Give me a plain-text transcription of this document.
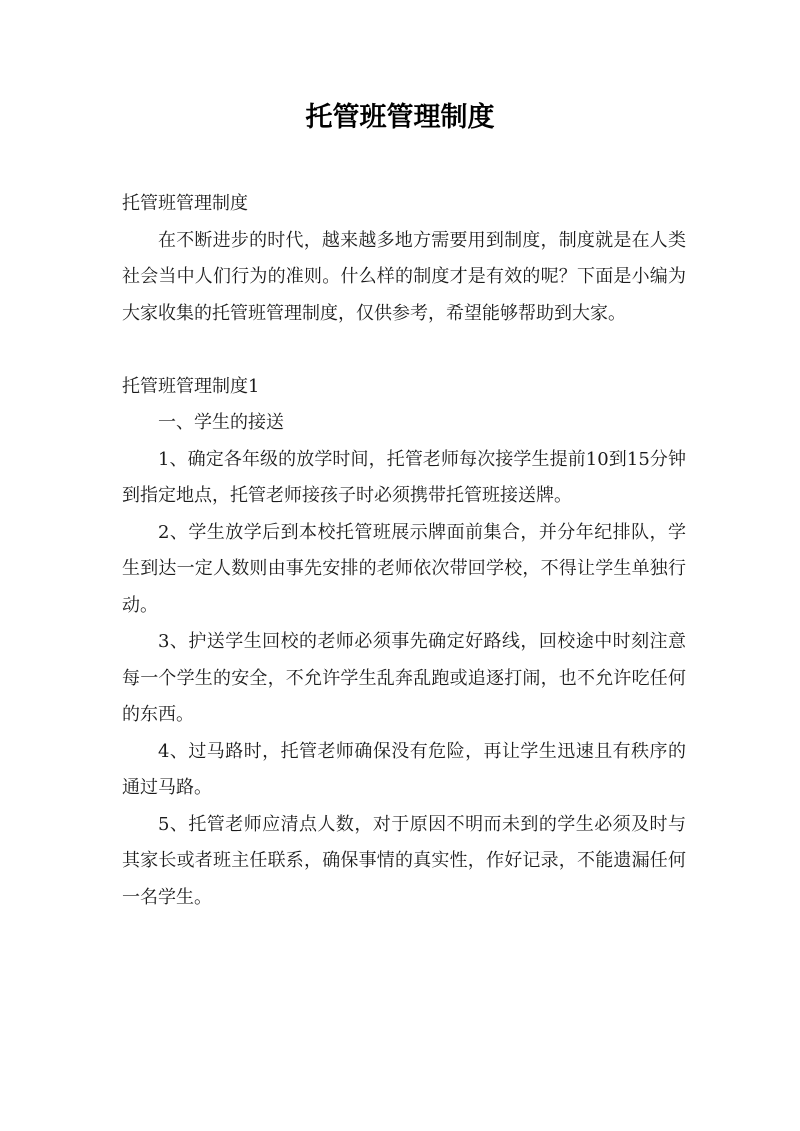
托管班管理制度

托管班管理制度

在不断进步的时代，越来越多地方需要用到制度，制度就是在人类社会当中人们行为的准则。什么样的制度才是有效的呢？下面是小编为大家收集的托管班管理制度，仅供参考，希望能够帮助到大家。

托管班管理制度1

一、学生的接送

1、确定各年级的放学时间，托管老师每次接学生提前10到15分钟到指定地点，托管老师接孩子时必须携带托管班接送牌。

2、学生放学后到本校托管班展示牌面前集合，并分年纪排队，学生到达一定人数则由事先安排的老师依次带回学校，不得让学生单独行动。

3、护送学生回校的老师必须事先确定好路线，回校途中时刻注意每一个学生的安全，不允许学生乱奔乱跑或追逐打闹，也不允许吃任何的东西。

4、过马路时，托管老师确保没有危险，再让学生迅速且有秩序的通过马路。

5、托管老师应清点人数，对于原因不明而未到的学生必须及时与其家长或者班主任联系，确保事情的真实性，作好记录，不能遗漏任何一名学生。
